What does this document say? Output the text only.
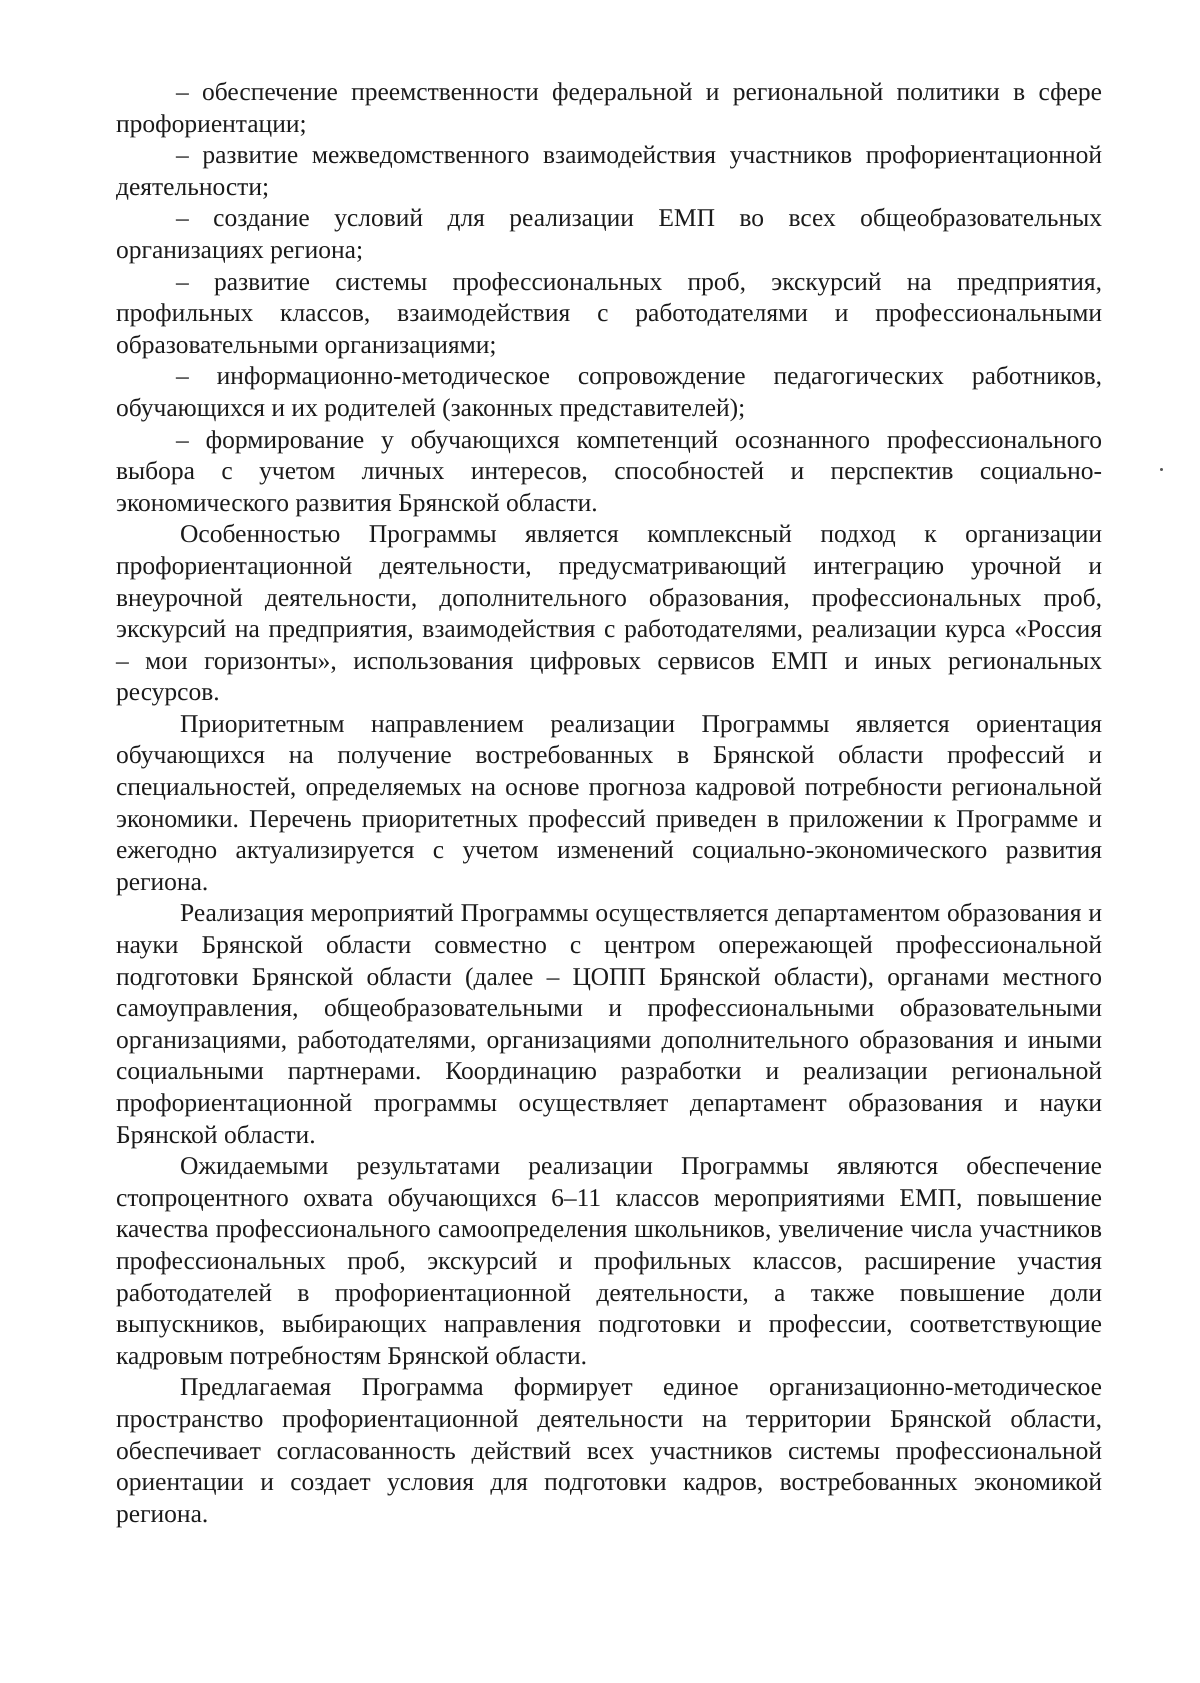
– обеспечение преемственности федеральной и региональной политики в сфере профориентации;

– развитие межведомственного взаимодействия участников профориентационной деятельности;

– создание условий для реализации ЕМП во всех общеобразовательных организациях региона;

– развитие системы профессиональных проб, экскурсий на предприятия, профильных классов, взаимодействия с работодателями и профессиональными образовательными организациями;

– информационно-методическое сопровождение педагогических работников, обучающихся и их родителей (законных представителей);

– формирование у обучающихся компетенций осознанного профессионального выбора с учетом личных интересов, способностей и перспектив социально-экономического развития Брянской области.

Особенностью Программы является комплексный подход к организации профориентационной деятельности, предусматривающий интеграцию урочной и внеурочной деятельности, дополнительного образования, профессиональных проб, экскурсий на предприятия, взаимодействия с работодателями, реализации курса «Россия – мои горизонты», использования цифровых сервисов ЕМП и иных региональных ресурсов.

Приоритетным направлением реализации Программы является ориентация обучающихся на получение востребованных в Брянской области профессий и специальностей, определяемых на основе прогноза кадровой потребности региональной экономики. Перечень приоритетных профессий приведен в приложении к Программе и ежегодно актуализируется с учетом изменений социально-экономического развития региона.

Реализация мероприятий Программы осуществляется департаментом образования и науки Брянской области совместно с центром опережающей профессиональной подготовки Брянской области (далее – ЦОПП Брянской области), органами местного самоуправления, общеобразовательными и профессиональными образовательными организациями, работодателями, организациями дополнительного образования и иными социальными партнерами. Координацию разработки и реализации региональной профориентационной программы осуществляет департамент образования и науки Брянской области.

Ожидаемыми результатами реализации Программы являются обеспечение стопроцентного охвата обучающихся 6–11 классов мероприятиями ЕМП, повышение качества профессионального самоопределения школьников, увеличение числа участников профессиональных проб, экскурсий и профильных классов, расширение участия работодателей в профориентационной деятельности, а также повышение доли выпускников, выбирающих направления подготовки и профессии, соответствующие кадровым потребностям Брянской области.

Предлагаемая Программа формирует единое организационно-методическое пространство профориентационной деятельности на территории Брянской области, обеспечивает согласованность действий всех участников системы профессиональной ориентации и создает условия для подготовки кадров, востребованных экономикой региона.
